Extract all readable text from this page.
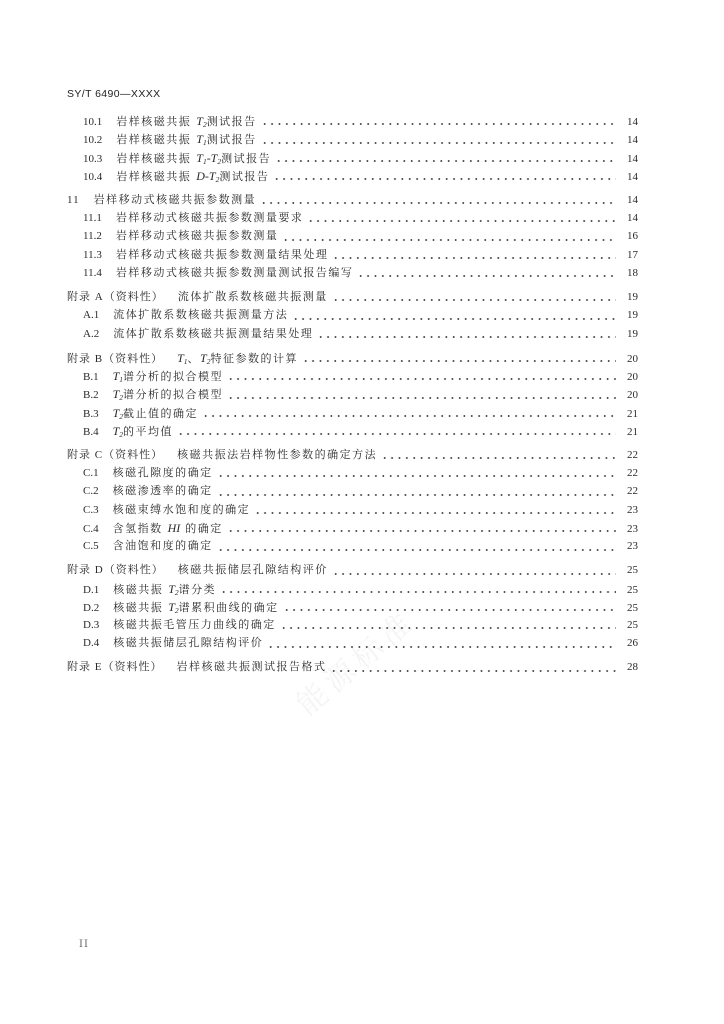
SY/T 6490—XXXX
10.1 岩样核磁共振 $T_2$测试报告	14
10.2 岩样核磁共振 $T_1$测试报告	14
10.3 岩样核磁共振 $T_1-T_2$测试报告	14
10.4 岩样核磁共振 $D-T_2$测试报告	14
11 岩样移动式核磁共振参数测量	14
11.1 岩样移动式核磁共振参数测量要求	14
11.2 岩样移动式核磁共振参数测量	16
11.3 岩样移动式核磁共振参数测量结果处理	17
11.4 岩样移动式核磁共振参数测量测试报告编写	18
附录 A（资料性） 流体扩散系数核磁共振测量	19
A.1 流体扩散系数核磁共振测量方法	19
A.2 流体扩散系数核磁共振测量结果处理	19
附录 B（资料性） $T_1$、$T_2$特征参数的计算	20
B.1 $T_1$谱分析的拟合模型	20
B.2 $T_2$谱分析的拟合模型	20
B.3 $T_2$截止值的确定	21
B.4 $T_2$的平均值	21
附录 C（资料性） 核磁共振法岩样物性参数的确定方法	22
C.1 核磁孔隙度的确定	22
C.2 核磁渗透率的确定	22
C.3 核磁束缚水饱和度的确定	23
C.4 含氢指数 HI 的确定	23
C.5 含油饱和度的确定	23
附录 D（资料性） 核磁共振储层孔隙结构评价	25
D.1 核磁共振 $T_2$谱分类	25
D.2 核磁共振 $T_2$谱累积曲线的确定	25
D.3 核磁共振毛管压力曲线的确定	25
D.4 核磁共振储层孔隙结构评价	26
附录 E（资料性） 岩样核磁共振测试报告格式	28
II
